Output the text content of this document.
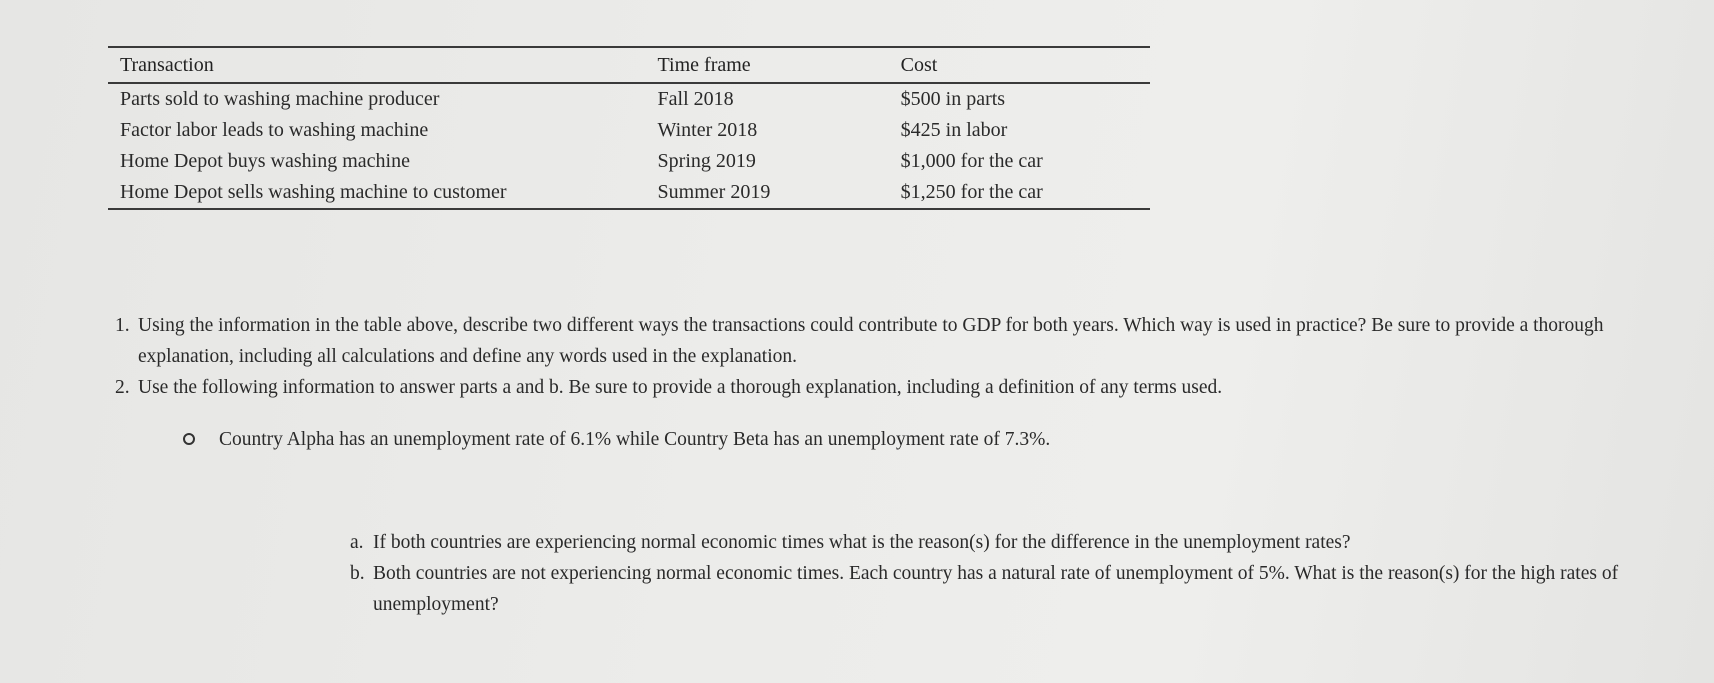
Transaction	Time frame	Cost
Parts sold to washing machine producer	Fall 2018	$500 in parts
Factor labor leads to washing machine	Winter 2018	$425 in labor
Home Depot buys washing machine	Spring 2019	$1,000 for the car
Home Depot sells washing machine to customer	Summer 2019	$1,250 for the car
1. Using the information in the table above, describe two different ways the transactions could contribute to GDP for both years. Which way is used in practice? Be sure to provide a thorough explanation, including all calculations and define any words used in the explanation.
2. Use the following information to answer parts a and b. Be sure to provide a thorough explanation, including a definition of any terms used.
Country Alpha has an unemployment rate of 6.1% while Country Beta has an unemployment rate of 7.3%.
a. If both countries are experiencing normal economic times what is the reason(s) for the difference in the unemployment rates?
b. Both countries are not experiencing normal economic times. Each country has a natural rate of unemployment of 5%. What is the reason(s) for the high rates of unemployment?
